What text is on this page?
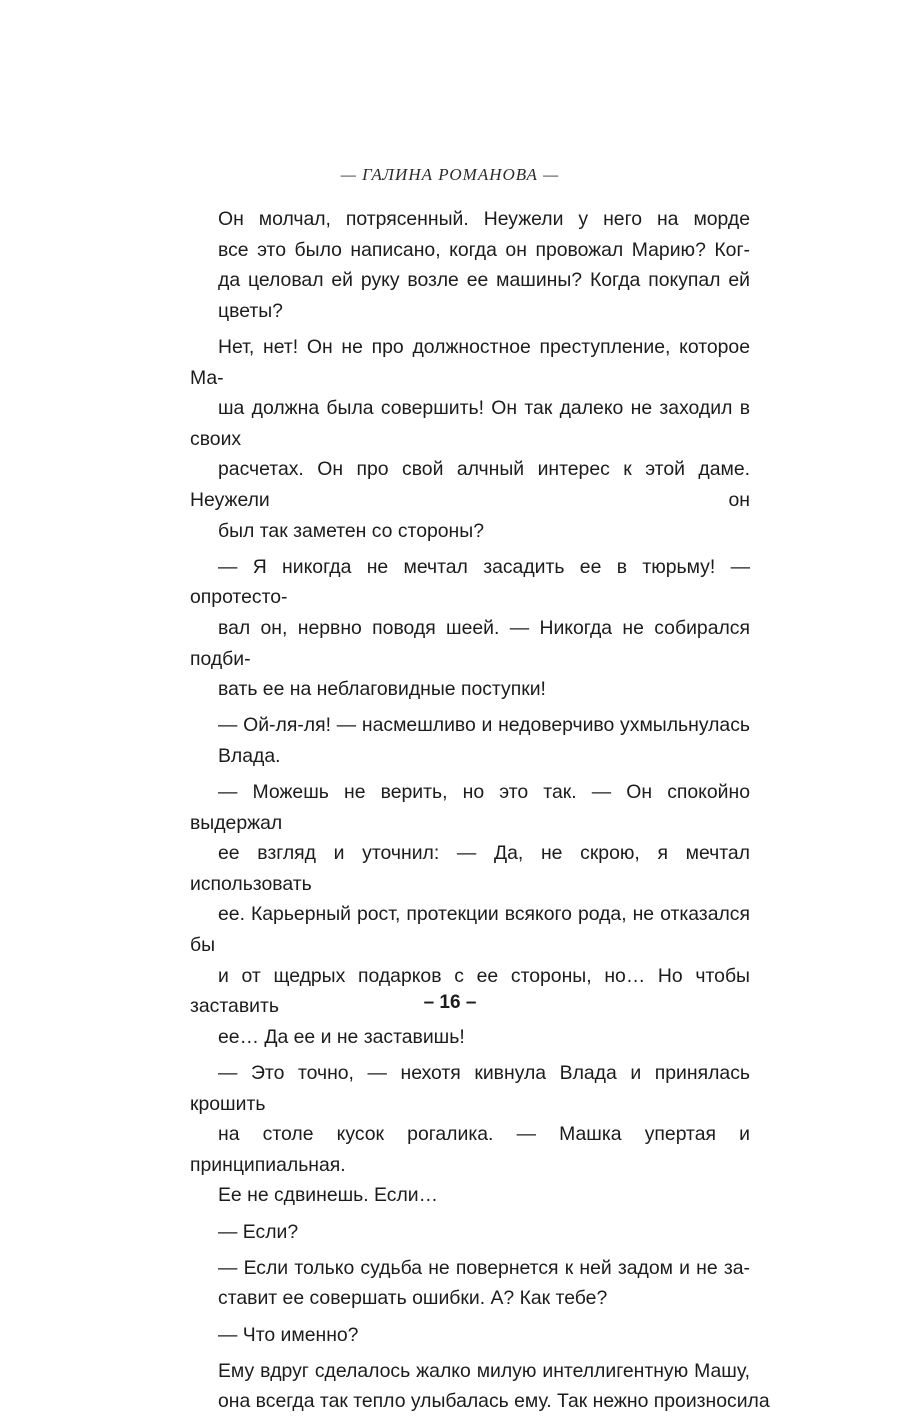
— ГАЛИНА РОМАНОВА —

Он молчал, потрясенный. Неужели у него на морде
все это было написано, когда он провожал Марию? Ког-
да целовал ей руку возле ее машины? Когда покупал ей
цветы?

Нет, нет! Он не про должностное преступление, которое Ма-
ша должна была совершить! Он так далеко не заходил в своих
расчетах. Он про свой алчный интерес к этой даме. Неужели он
был так заметен со стороны?

— Я никогда не мечтал засадить ее в тюрьму! — опротесто-
вал он, нервно поводя шеей. — Никогда не собирался подби-
вать ее на неблаговидные поступки!

— Ой-ля-ля! — насмешливо и недоверчиво ухмыльнулась
Влада.

— Можешь не верить, но это так. — Он спокойно выдержал
ее взгляд и уточнил: — Да, не скрою, я мечтал использовать
ее. Карьерный рост, протекции всякого рода, не отказался бы
и от щедрых подарков с ее стороны, но… Но чтобы заставить
ее… Да ее и не заставишь!

— Это точно, — нехотя кивнула Влада и принялась крошить
на столе кусок рогалика. — Машка упертая и принципиальная.
Ее не сдвинешь. Если…

— Если?

— Если только судьба не повернется к ней задом и не за-
ставит ее совершать ошибки. А? Как тебе?

— Что именно?

Ему вдруг сделалось жалко милую интеллигентную Машу,
она всегда так тепло улыбалась ему. Так нежно произносила

– 16 –
